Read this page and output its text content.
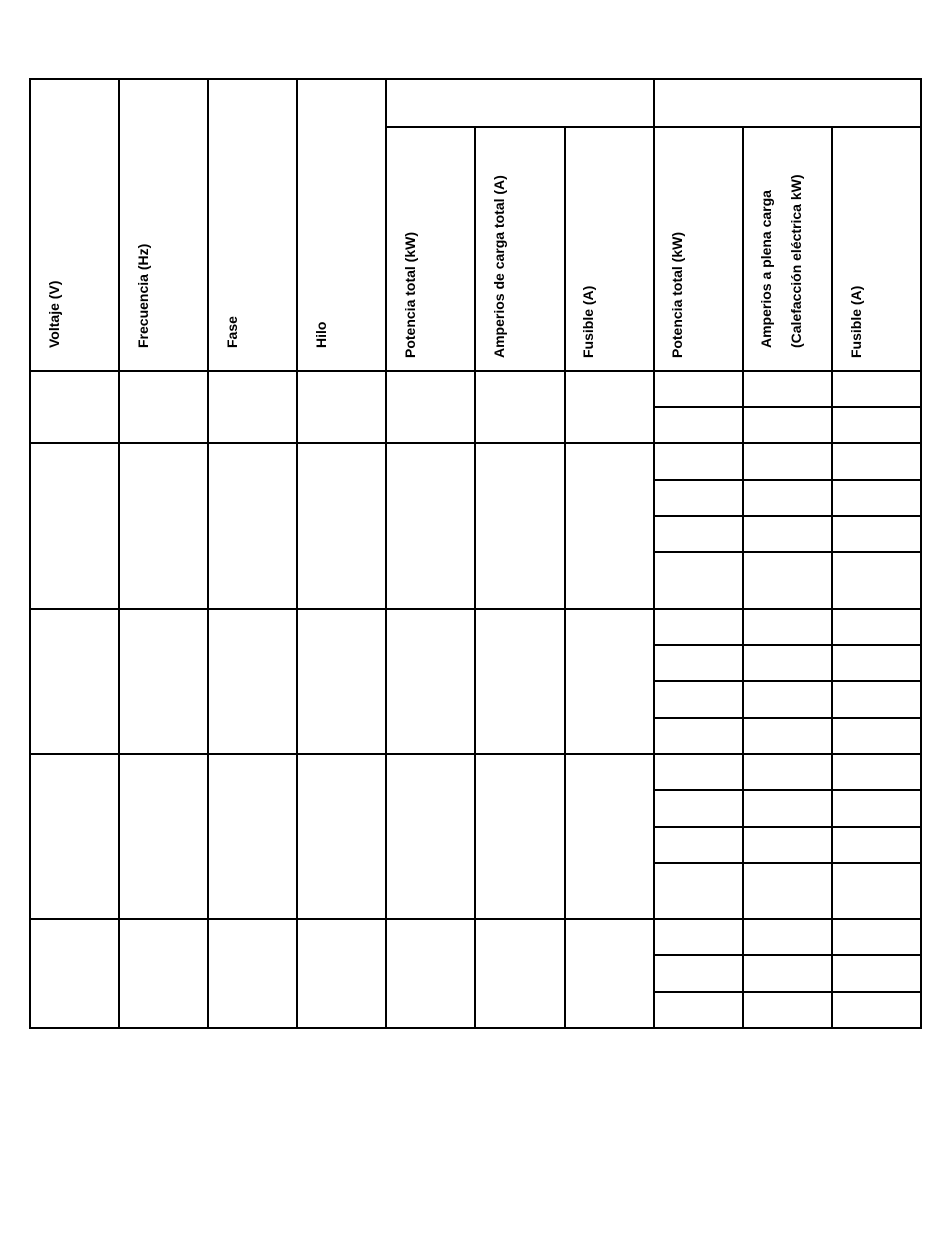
Voltaje (V)	Frecuencia (Hz)	Fase	Hilo	Potencia total (kW)	Amperios de carga total (A)	Fusible (A)	Potencia total (kW)	Amperios a plena carga (Calefacción eléctrica kW)	Fusible (A)
